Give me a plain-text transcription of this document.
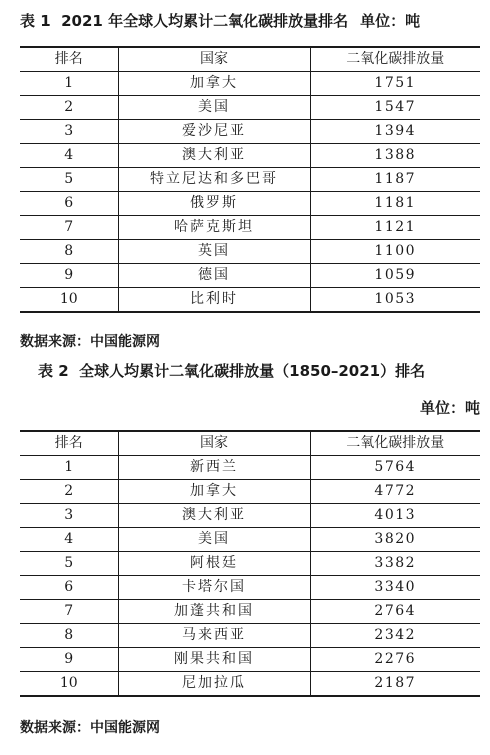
表 1 2021 年全球人均累计二氧化碳排放量排名 单位：吨
排名	国家	二氧化碳排放量
1	加拿大	1751
2	美国	1547
3	爱沙尼亚	1394
4	澳大利亚	1388
5	特立尼达和多巴哥	1187
6	俄罗斯	1181
7	哈萨克斯坦	1121
8	英国	1100
9	德国	1059
10	比利时	1053
数据来源：中国能源网
表 2 全球人均累计二氧化碳排放量（1850–2021）排名
单位：吨
排名	国家	二氧化碳排放量
1	新西兰	5764
2	加拿大	4772
3	澳大利亚	4013
4	美国	3820
5	阿根廷	3382
6	卡塔尔国	3340
7	加蓬共和国	2764
8	马来西亚	2342
9	刚果共和国	2276
10	尼加拉瓜	2187
数据来源：中国能源网
